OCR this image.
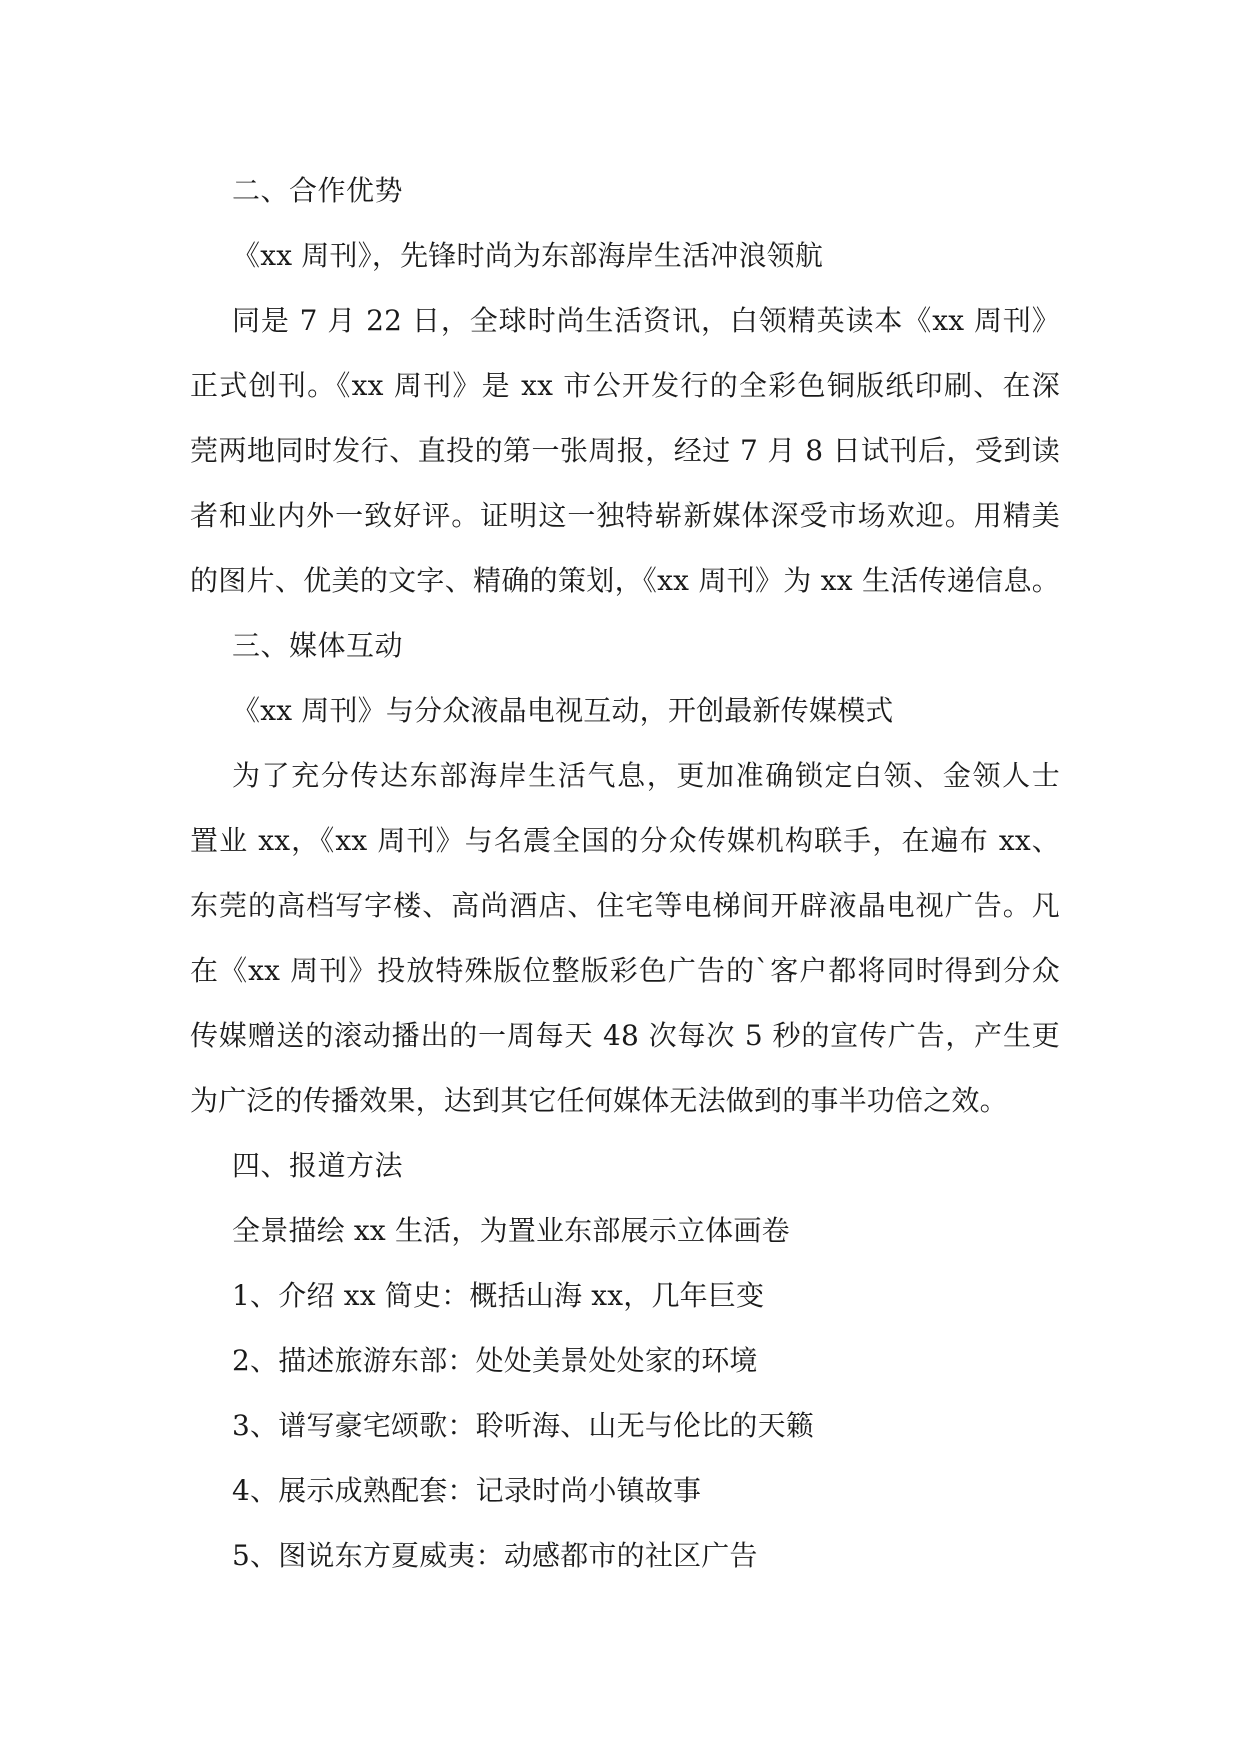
二、合作优势
《xx 周刊》，先锋时尚为东部海岸生活冲浪领航
同是 7 月 22 日，全球时尚生活资讯，白领精英读本《xx 周刊》
正式创刊。《xx 周刊》是 xx 市公开发行的全彩色铜版纸印刷、在深
莞两地同时发行、直投的第一张周报，经过 7 月 8 日试刊后，受到读
者和业内外一致好评。证明这一独特崭新媒体深受市场欢迎。用精美
的图片、优美的文字、精确的策划，《xx 周刊》为 xx 生活传递信息。
三、媒体互动
《xx 周刊》与分众液晶电视互动，开创最新传媒模式
为了充分传达东部海岸生活气息，更加准确锁定白领、金领人士
置业 xx，《xx 周刊》与名震全国的分众传媒机构联手，在遍布 xx、
东莞的高档写字楼、高尚酒店、住宅等电梯间开辟液晶电视广告。凡
在《xx 周刊》投放特殊版位整版彩色广告的`客户都将同时得到分众
传媒赠送的滚动播出的一周每天 48 次每次 5 秒的宣传广告，产生更
为广泛的传播效果，达到其它任何媒体无法做到的事半功倍之效。
四、报道方法
全景描绘 xx 生活，为置业东部展示立体画卷
1、介绍 xx 简史：概括山海 xx，几年巨变
2、描述旅游东部：处处美景处处家的环境
3、谱写豪宅颂歌：聆听海、山无与伦比的天籁
4、展示成熟配套：记录时尚小镇故事
5、图说东方夏威夷：动感都市的社区广告
